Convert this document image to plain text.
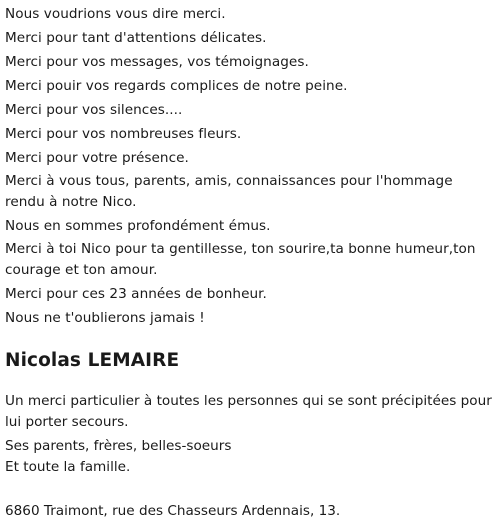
Nous voudrions vous dire merci.

Merci pour tant d'attentions délicates.

Merci pour vos messages, vos témoignages.

Merci pouir vos regards complices de notre peine.

Merci pour vos silences....

Merci pour vos nombreuses fleurs.

Merci pour votre présence.

Merci à vous tous, parents, amis, connaissances pour l'hommage rendu à notre Nico.

Nous en sommes profondément émus.

Merci à toi Nico pour ta gentillesse, ton sourire,ta bonne humeur,ton courage et ton amour.

Merci pour ces 23 années de bonheur.

Nous ne t'oublierons jamais !

Nicolas LEMAIRE

Un merci particulier à toutes les personnes qui se sont précipitées pour lui porter secours.

Ses parents, frères, belles-soeurs

Et toute la famille.

6860 Traimont, rue des Chasseurs Ardennais, 13.
